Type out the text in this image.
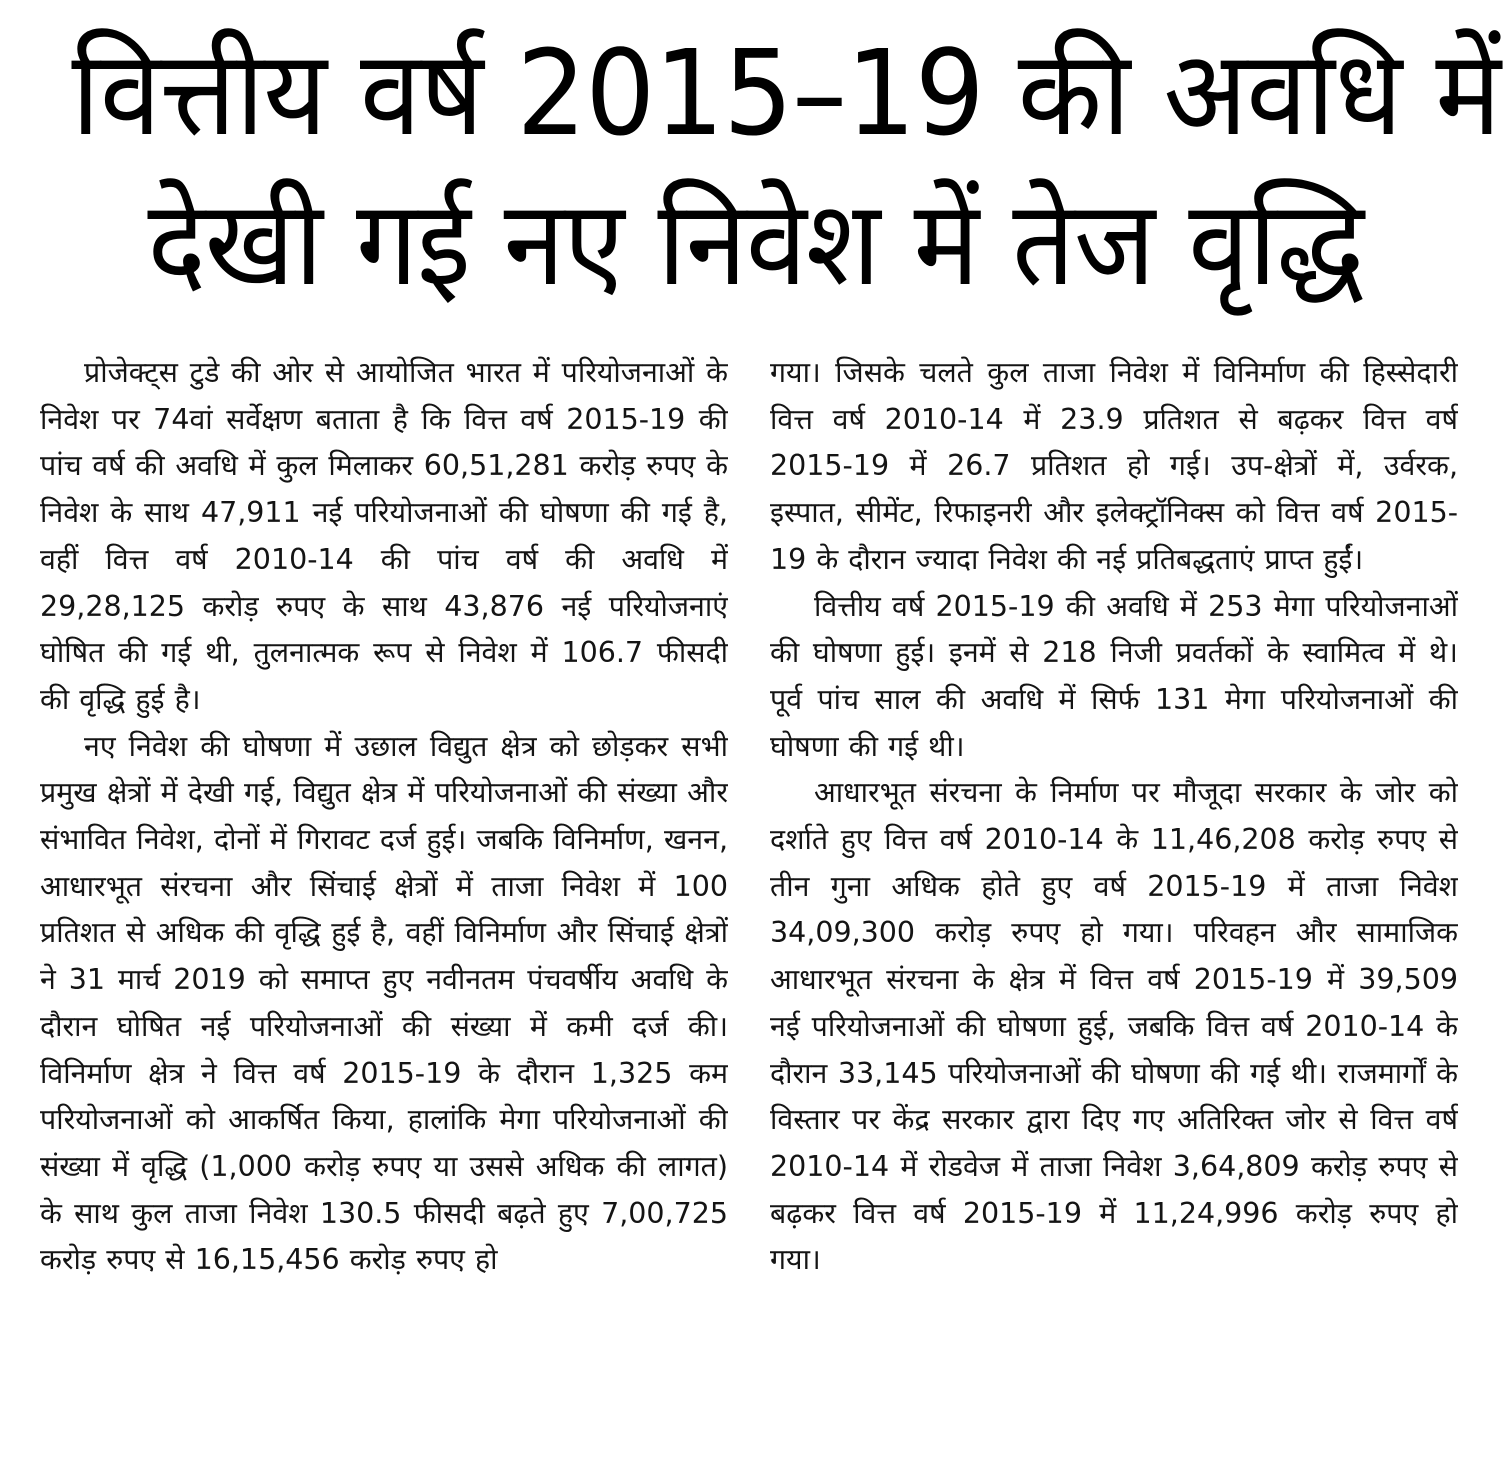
वित्तीय वर्ष 2015–19 की अवधि में
देखी गई नए निवेश में तेज वृद्धि

प्रोजेक्ट्स टुडे की ओर से आयोजित भारत में परियोजनाओं के निवेश पर 74वां सर्वेक्षण बताता है कि वित्त वर्ष 2015-19 की पांच वर्ष की अवधि में कुल मिलाकर 60,51,281 करोड़ रुपए के निवेश के साथ 47,911 नई परियोजनाओं की घोषणा की गई है, वहीं वित्त वर्ष 2010-14 की पांच वर्ष की अवधि में 29,28,125 करोड़ रुपए के साथ 43,876 नई परियोजनाएं घोषित की गई थी, तुलनात्मक रूप से निवेश में 106.7 फीसदी की वृद्धि हुई है।

नए निवेश की घोषणा में उछाल विद्युत क्षेत्र को छोड़कर सभी प्रमुख क्षेत्रों में देखी गई, विद्युत क्षेत्र में परियोजनाओं की संख्या और संभावित निवेश, दोनों में गिरावट दर्ज हुई। जबकि विनिर्माण, खनन, आधारभूत संरचना और सिंचाई क्षेत्रों में ताजा निवेश में 100 प्रतिशत से अधिक की वृद्धि हुई है, वहीं विनिर्माण और सिंचाई क्षेत्रों ने 31 मार्च 2019 को समाप्त हुए नवीनतम पंचवर्षीय अवधि के दौरान घोषित नई परियोजनाओं की संख्या में कमी दर्ज की। विनिर्माण क्षेत्र ने वित्त वर्ष 2015-19 के दौरान 1,325 कम परियोजनाओं को आकर्षित किया, हालांकि मेगा परियोजनाओं की संख्या में वृद्धि (1,000 करोड़ रुपए या उससे अधिक की लागत) के साथ कुल ताजा निवेश 130.5 फीसदी बढ़ते हुए 7,00,725 करोड़ रुपए से 16,15,456 करोड़ रुपए हो

गया। जिसके चलते कुल ताजा निवेश में विनिर्माण की हिस्सेदारी वित्त वर्ष 2010-14 में 23.9 प्रतिशत से बढ़कर वित्त वर्ष 2015-19 में 26.7 प्रतिशत हो गई। उप-क्षेत्रों में, उर्वरक, इस्पात, सीमेंट, रिफाइनरी और इलेक्ट्रॉनिक्स को वित्त वर्ष 2015-19 के दौरान ज्यादा निवेश की नई प्रतिबद्धताएं प्राप्त हुईं।

वित्तीय वर्ष 2015-19 की अवधि में 253 मेगा परियोजनाओं की घोषणा हुई। इनमें से 218 निजी प्रवर्तकों के स्वामित्व में थे। पूर्व पांच साल की अवधि में सिर्फ 131 मेगा परियोजनाओं की घोषणा की गई थी।

आधारभूत संरचना के निर्माण पर मौजूदा सरकार के जोर को दर्शाते हुए वित्त वर्ष 2010-14 के 11,46,208 करोड़ रुपए से तीन गुना अधिक होते हुए वर्ष 2015-19 में ताजा निवेश 34,09,300 करोड़ रुपए हो गया। परिवहन और सामाजिक आधारभूत संरचना के क्षेत्र में वित्त वर्ष 2015-19 में 39,509 नई परियोजनाओं की घोषणा हुई, जबकि वित्त वर्ष 2010-14 के दौरान 33,145 परियोजनाओं की घोषणा की गई थी। राजमार्गों के विस्तार पर केंद्र सरकार द्वारा दिए गए अतिरिक्त जोर से वित्त वर्ष 2010-14 में रोडवेज में ताजा निवेश 3,64,809 करोड़ रुपए से बढ़कर वित्त वर्ष 2015-19 में 11,24,996 करोड़ रुपए हो गया।
